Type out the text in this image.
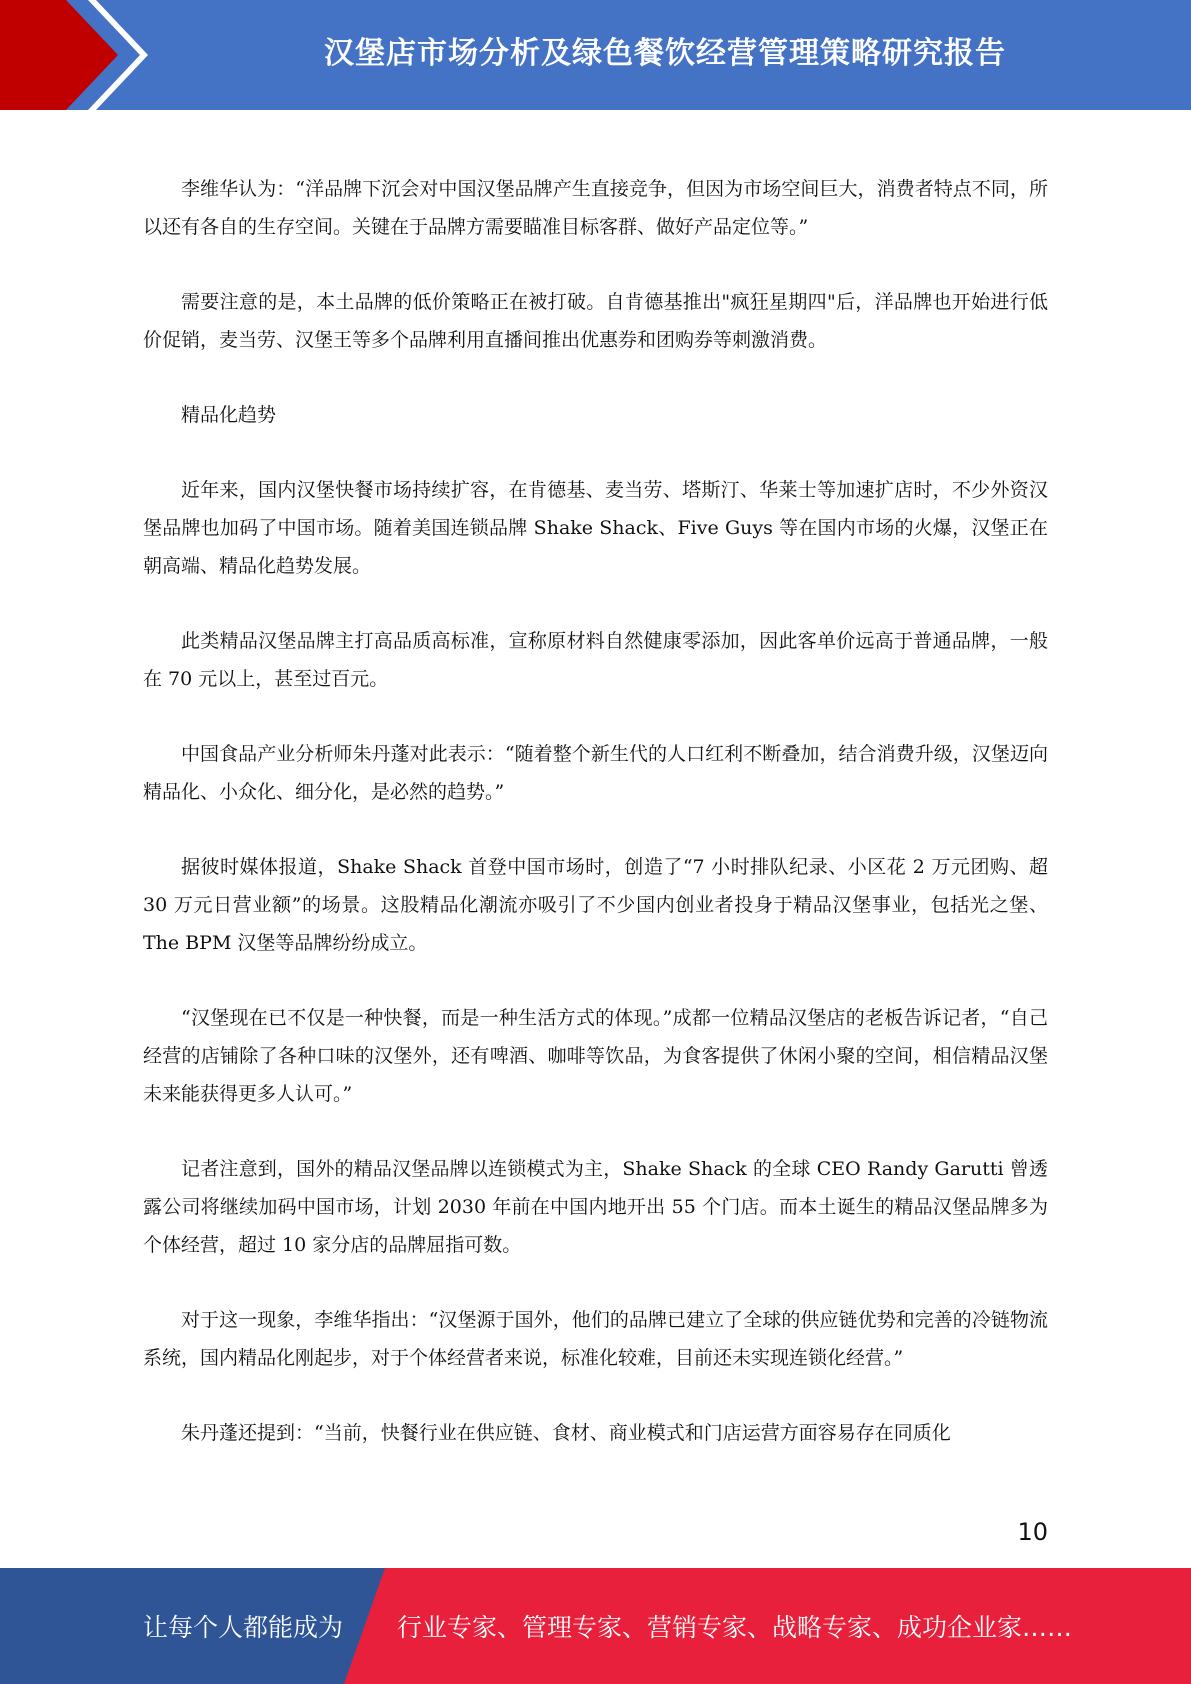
汉堡店市场分析及绿色餐饮经营管理策略研究报告

李维华认为：“洋品牌下沉会对中国汉堡品牌产生直接竞争，但因为市场空间巨大，消费者特点不同，所以还有各自的生存空间。关键在于品牌方需要瞄准目标客群、做好产品定位等。”

需要注意的是，本土品牌的低价策略正在被打破。自肯德基推出"疯狂星期四"后，洋品牌也开始进行低价促销，麦当劳、汉堡王等多个品牌利用直播间推出优惠券和团购券等刺激消费。

精品化趋势

近年来，国内汉堡快餐市场持续扩容，在肯德基、麦当劳、塔斯汀、华莱士等加速扩店时，不少外资汉堡品牌也加码了中国市场。随着美国连锁品牌 Shake Shack、Five Guys 等在国内市场的火爆，汉堡正在朝高端、精品化趋势发展。

此类精品汉堡品牌主打高品质高标准，宣称原材料自然健康零添加，因此客单价远高于普通品牌，一般在 70 元以上，甚至过百元。

中国食品产业分析师朱丹蓬对此表示：“随着整个新生代的人口红利不断叠加，结合消费升级，汉堡迈向精品化、小众化、细分化，是必然的趋势。”

据彼时媒体报道，Shake Shack 首登中国市场时，创造了“7 小时排队纪录、小区花 2 万元团购、超 30 万元日营业额”的场景。这股精品化潮流亦吸引了不少国内创业者投身于精品汉堡事业，包括光之堡、The BPM 汉堡等品牌纷纷成立。

“汉堡现在已不仅是一种快餐，而是一种生活方式的体现。”成都一位精品汉堡店的老板告诉记者，“自己经营的店铺除了各种口味的汉堡外，还有啤酒、咖啡等饮品，为食客提供了休闲小聚的空间，相信精品汉堡未来能获得更多人认可。”

记者注意到，国外的精品汉堡品牌以连锁模式为主，Shake Shack 的全球 CEO Randy Garutti 曾透露公司将继续加码中国市场，计划 2030 年前在中国内地开出 55 个门店。而本土诞生的精品汉堡品牌多为个体经营，超过 10 家分店的品牌屈指可数。

对于这一现象，李维华指出：“汉堡源于国外，他们的品牌已建立了全球的供应链优势和完善的冷链物流系统，国内精品化刚起步，对于个体经营者来说，标准化较难，目前还未实现连锁化经营。”

朱丹蓬还提到：“当前，快餐行业在供应链、食材、商业模式和门店运营方面容易存在同质化

10
让每个人都能成为 行业专家、管理专家、营销专家、战略专家、成功企业家……
